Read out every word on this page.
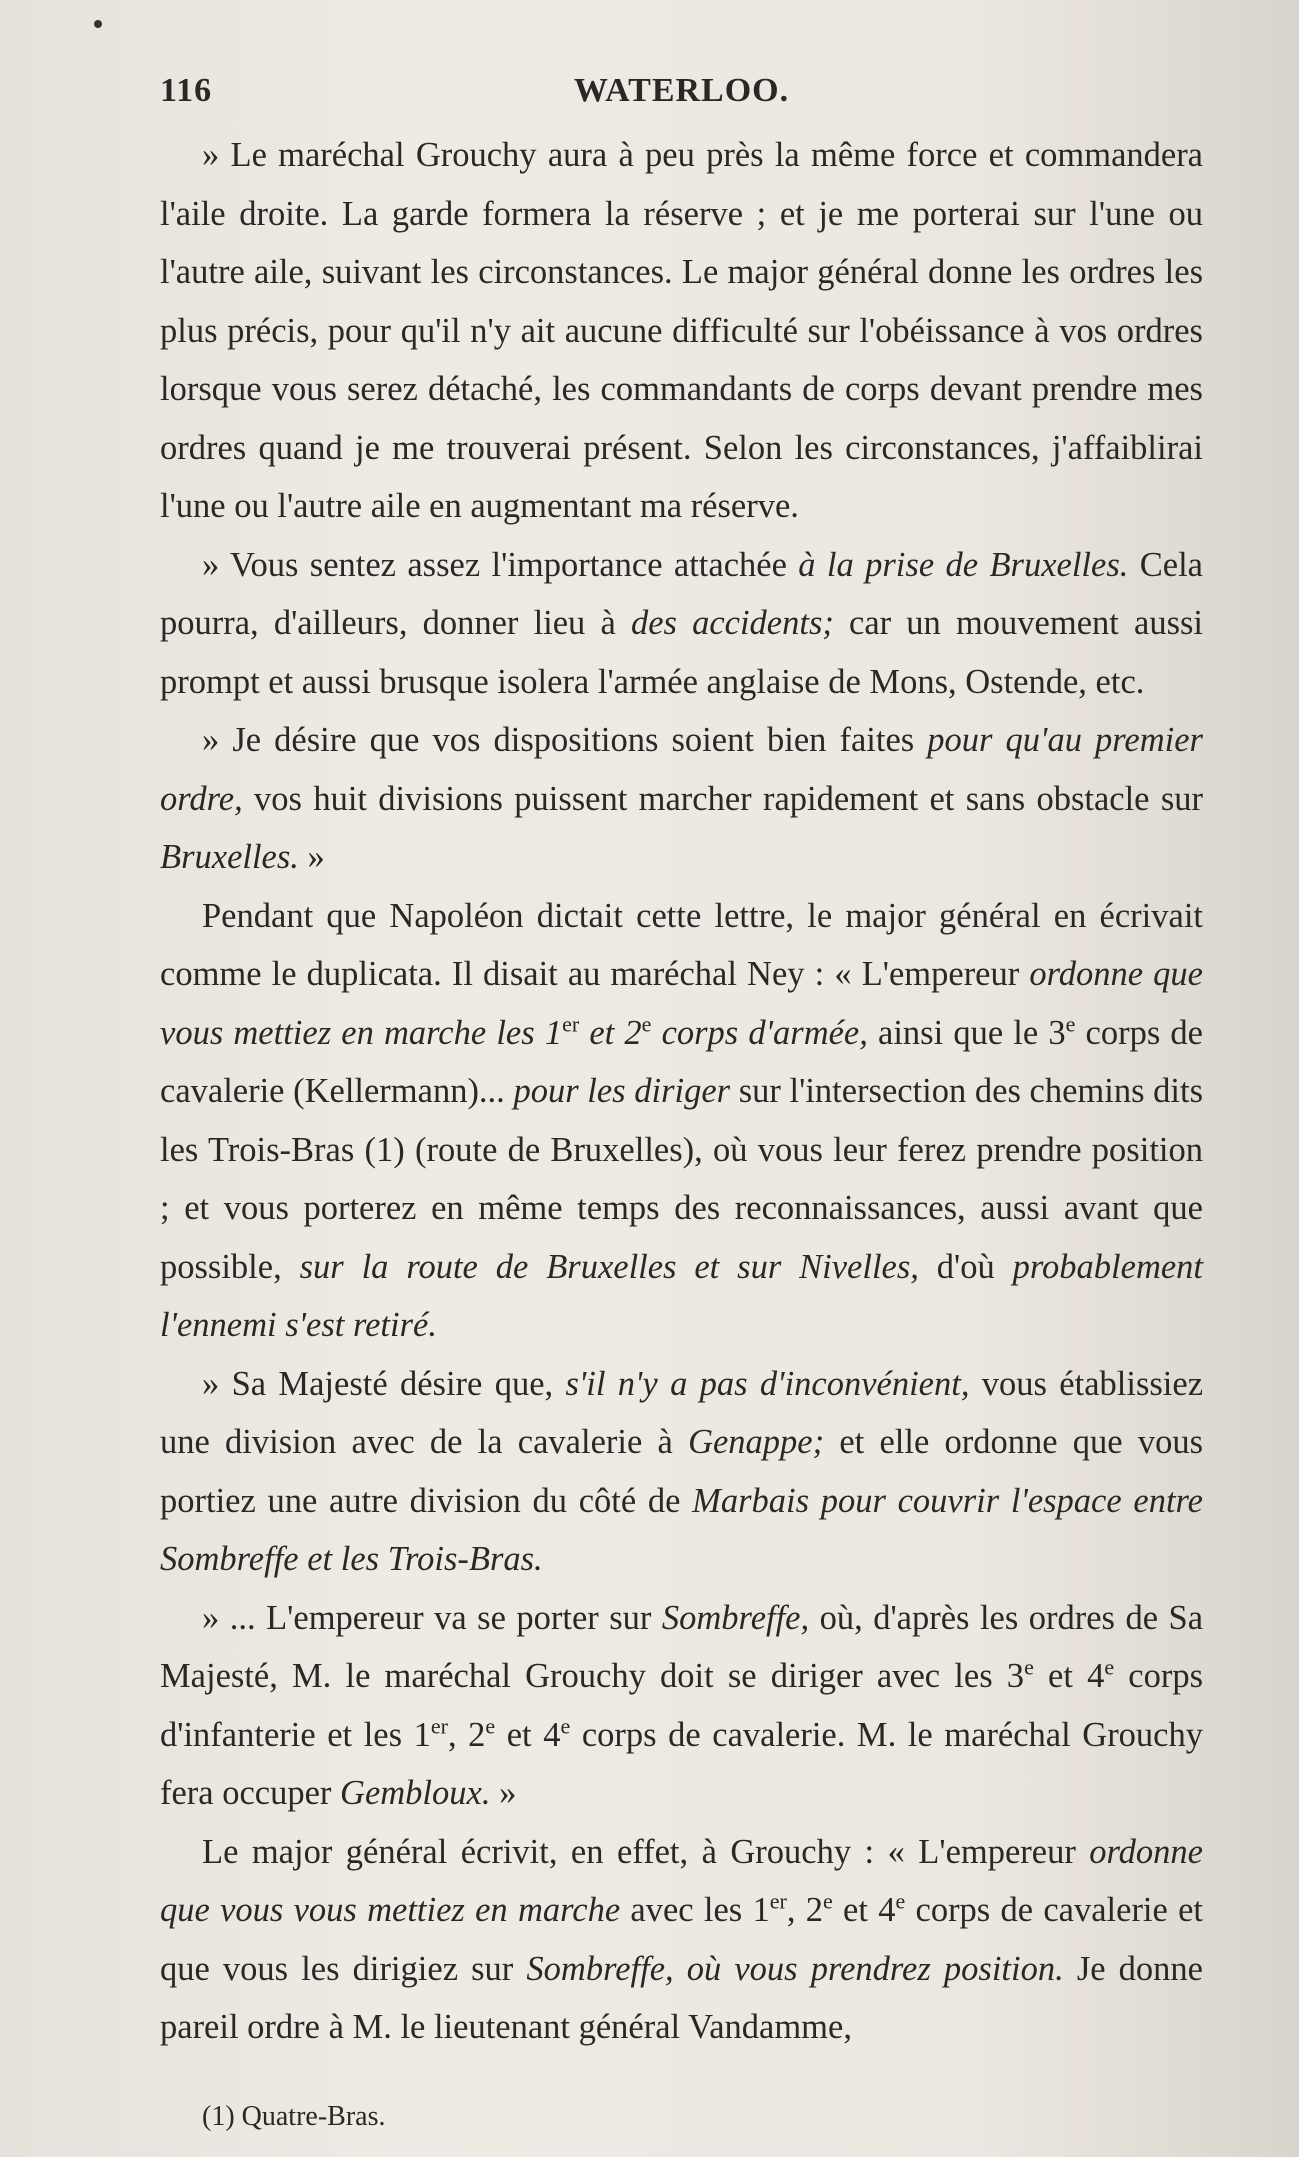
116	WATERLOO.

» Le maréchal Grouchy aura à peu près la même force et commandera l'aile droite. La garde formera la réserve ; et je me porterai sur l'une ou l'autre aile, suivant les circonstances. Le major général donne les ordres les plus précis, pour qu'il n'y ait aucune difficulté sur l'obéissance à vos ordres lorsque vous serez détaché, les commandants de corps devant prendre mes ordres quand je me trouverai présent. Selon les circonstances, j'affaiblirai l'une ou l'autre aile en augmentant ma réserve.

» Vous sentez assez l'importance attachée à la prise de Bruxelles. Cela pourra, d'ailleurs, donner lieu à des accidents; car un mouvement aussi prompt et aussi brusque isolera l'armée anglaise de Mons, Ostende, etc.

» Je désire que vos dispositions soient bien faites pour qu'au premier ordre, vos huit divisions puissent marcher rapidement et sans obstacle sur Bruxelles. »

Pendant que Napoléon dictait cette lettre, le major général en écrivait comme le duplicata. Il disait au maréchal Ney : « L'empereur ordonne que vous mettiez en marche les 1er et 2e corps d'armée, ainsi que le 3e corps de cavalerie (Kellermann)... pour les diriger sur l'intersection des chemins dits les Trois-Bras (1) (route de Bruxelles), où vous leur ferez prendre position ; et vous porterez en même temps des reconnaissances, aussi avant que possible, sur la route de Bruxelles et sur Nivelles, d'où probablement l'ennemi s'est retiré.

» Sa Majesté désire que, s'il n'y a pas d'inconvénient, vous établissiez une division avec de la cavalerie à Genappe; et elle ordonne que vous portiez une autre division du côté de Marbais pour couvrir l'espace entre Sombreffe et les Trois-Bras.

» ... L'empereur va se porter sur Sombreffe, où, d'après les ordres de Sa Majesté, M. le maréchal Grouchy doit se diriger avec les 3e et 4e corps d'infanterie et les 1er, 2e et 4e corps de cavalerie. M. le maréchal Grouchy fera occuper Gembloux. »

Le major général écrivit, en effet, à Grouchy : « L'empereur ordonne que vous vous mettiez en marche avec les 1er, 2e et 4e corps de cavalerie et que vous les dirigiez sur Sombreffe, où vous prendrez position. Je donne pareil ordre à M. le lieutenant général Vandamme,

(1) Quatre-Bras.
